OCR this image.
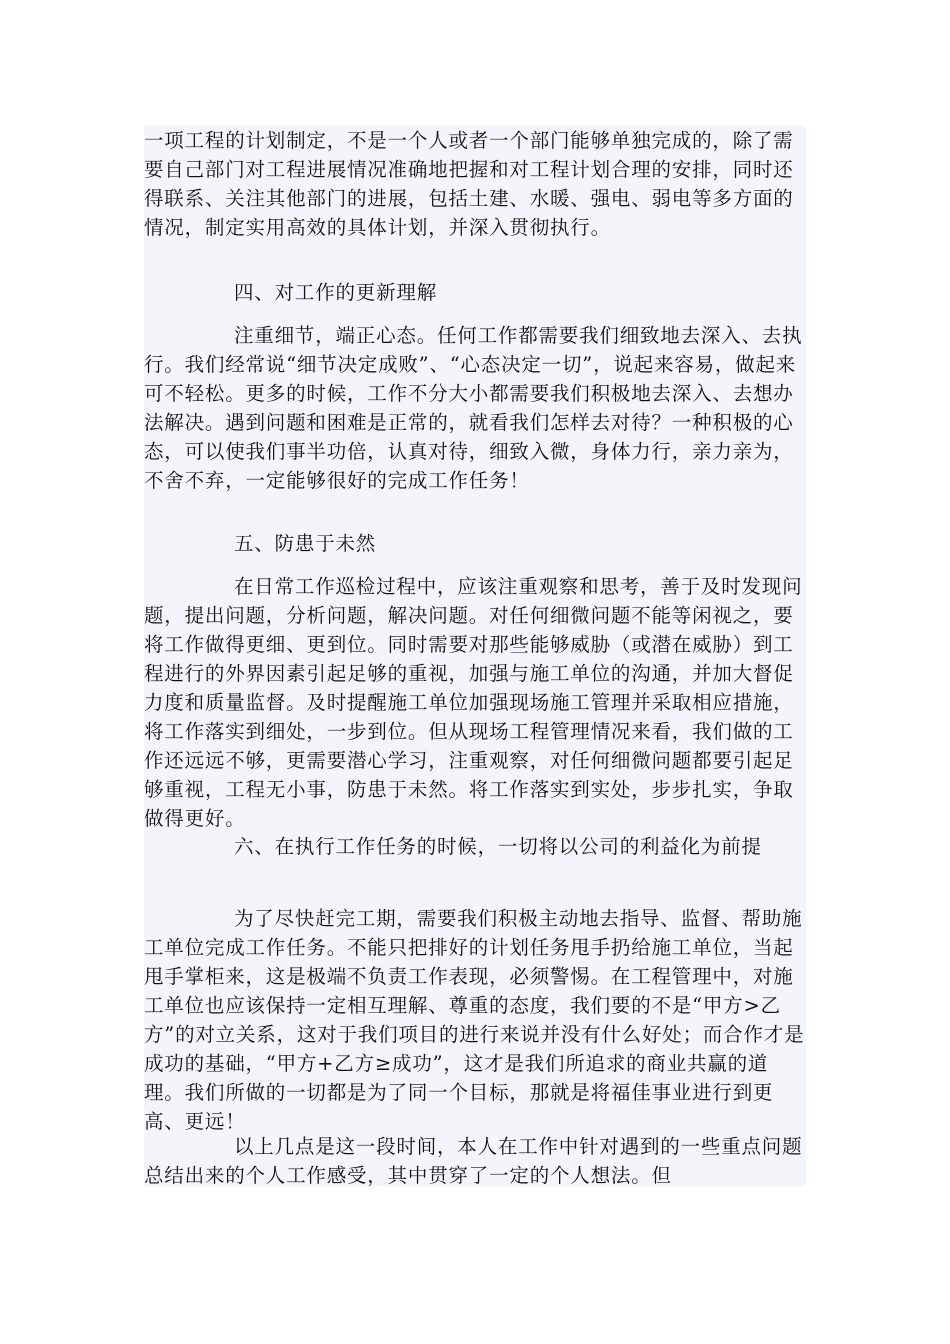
一项工程的计划制定，不是一个人或者一个部门能够单独完成的，除了需要自己部门对工程进展情况准确地把握和对工程计划合理的安排，同时还得联系、关注其他部门的进展，包括土建、水暖、强电、弱电等多方面的情况，制定实用高效的具体计划，并深入贯彻执行。
四、对工作的更新理解
注重细节，端正心态。任何工作都需要我们细致地去深入、去执行。我们经常说“细节决定成败”、“心态决定一切”，说起来容易，做起来可不轻松。更多的时候，工作不分大小都需要我们积极地去深入、去想办法解决。遇到问题和困难是正常的，就看我们怎样去对待？一种积极的心态，可以使我们事半功倍，认真对待，细致入微，身体力行，亲力亲为，不舍不弃，一定能够很好的完成工作任务！
五、防患于未然
在日常工作巡检过程中，应该注重观察和思考，善于及时发现问题，提出问题，分析问题，解决问题。对任何细微问题不能等闲视之，要将工作做得更细、更到位。同时需要对那些能够威胁（或潜在威胁）到工程进行的外界因素引起足够的重视，加强与施工单位的沟通，并加大督促力度和质量监督。及时提醒施工单位加强现场施工管理并采取相应措施，将工作落实到细处，一步到位。但从现场工程管理情况来看，我们做的工作还远远不够，更需要潜心学习，注重观察，对任何细微问题都要引起足够重视，工程无小事，防患于未然。将工作落实到实处，步步扎实，争取做得更好。
六、在执行工作任务的时候，一切将以公司的利益化为前提
为了尽快赶完工期，需要我们积极主动地去指导、监督、帮助施工单位完成工作任务。不能只把排好的计划任务甩手扔给施工单位，当起甩手掌柜来，这是极端不负责工作表现，必须警惕。在工程管理中，对施工单位也应该保持一定相互理解、尊重的态度，我们要的不是“甲方>乙方”的对立关系，这对于我们项目的进行来说并没有什么好处；而合作才是成功的基础，“甲方+乙方≥成功”，这才是我们所追求的商业共赢的道理。我们所做的一切都是为了同一个目标，那就是将福佳事业进行到更高、更远！
以上几点是这一段时间，本人在工作中针对遇到的一些重点问题总结出来的个人工作感受，其中贯穿了一定的个人想法。但
